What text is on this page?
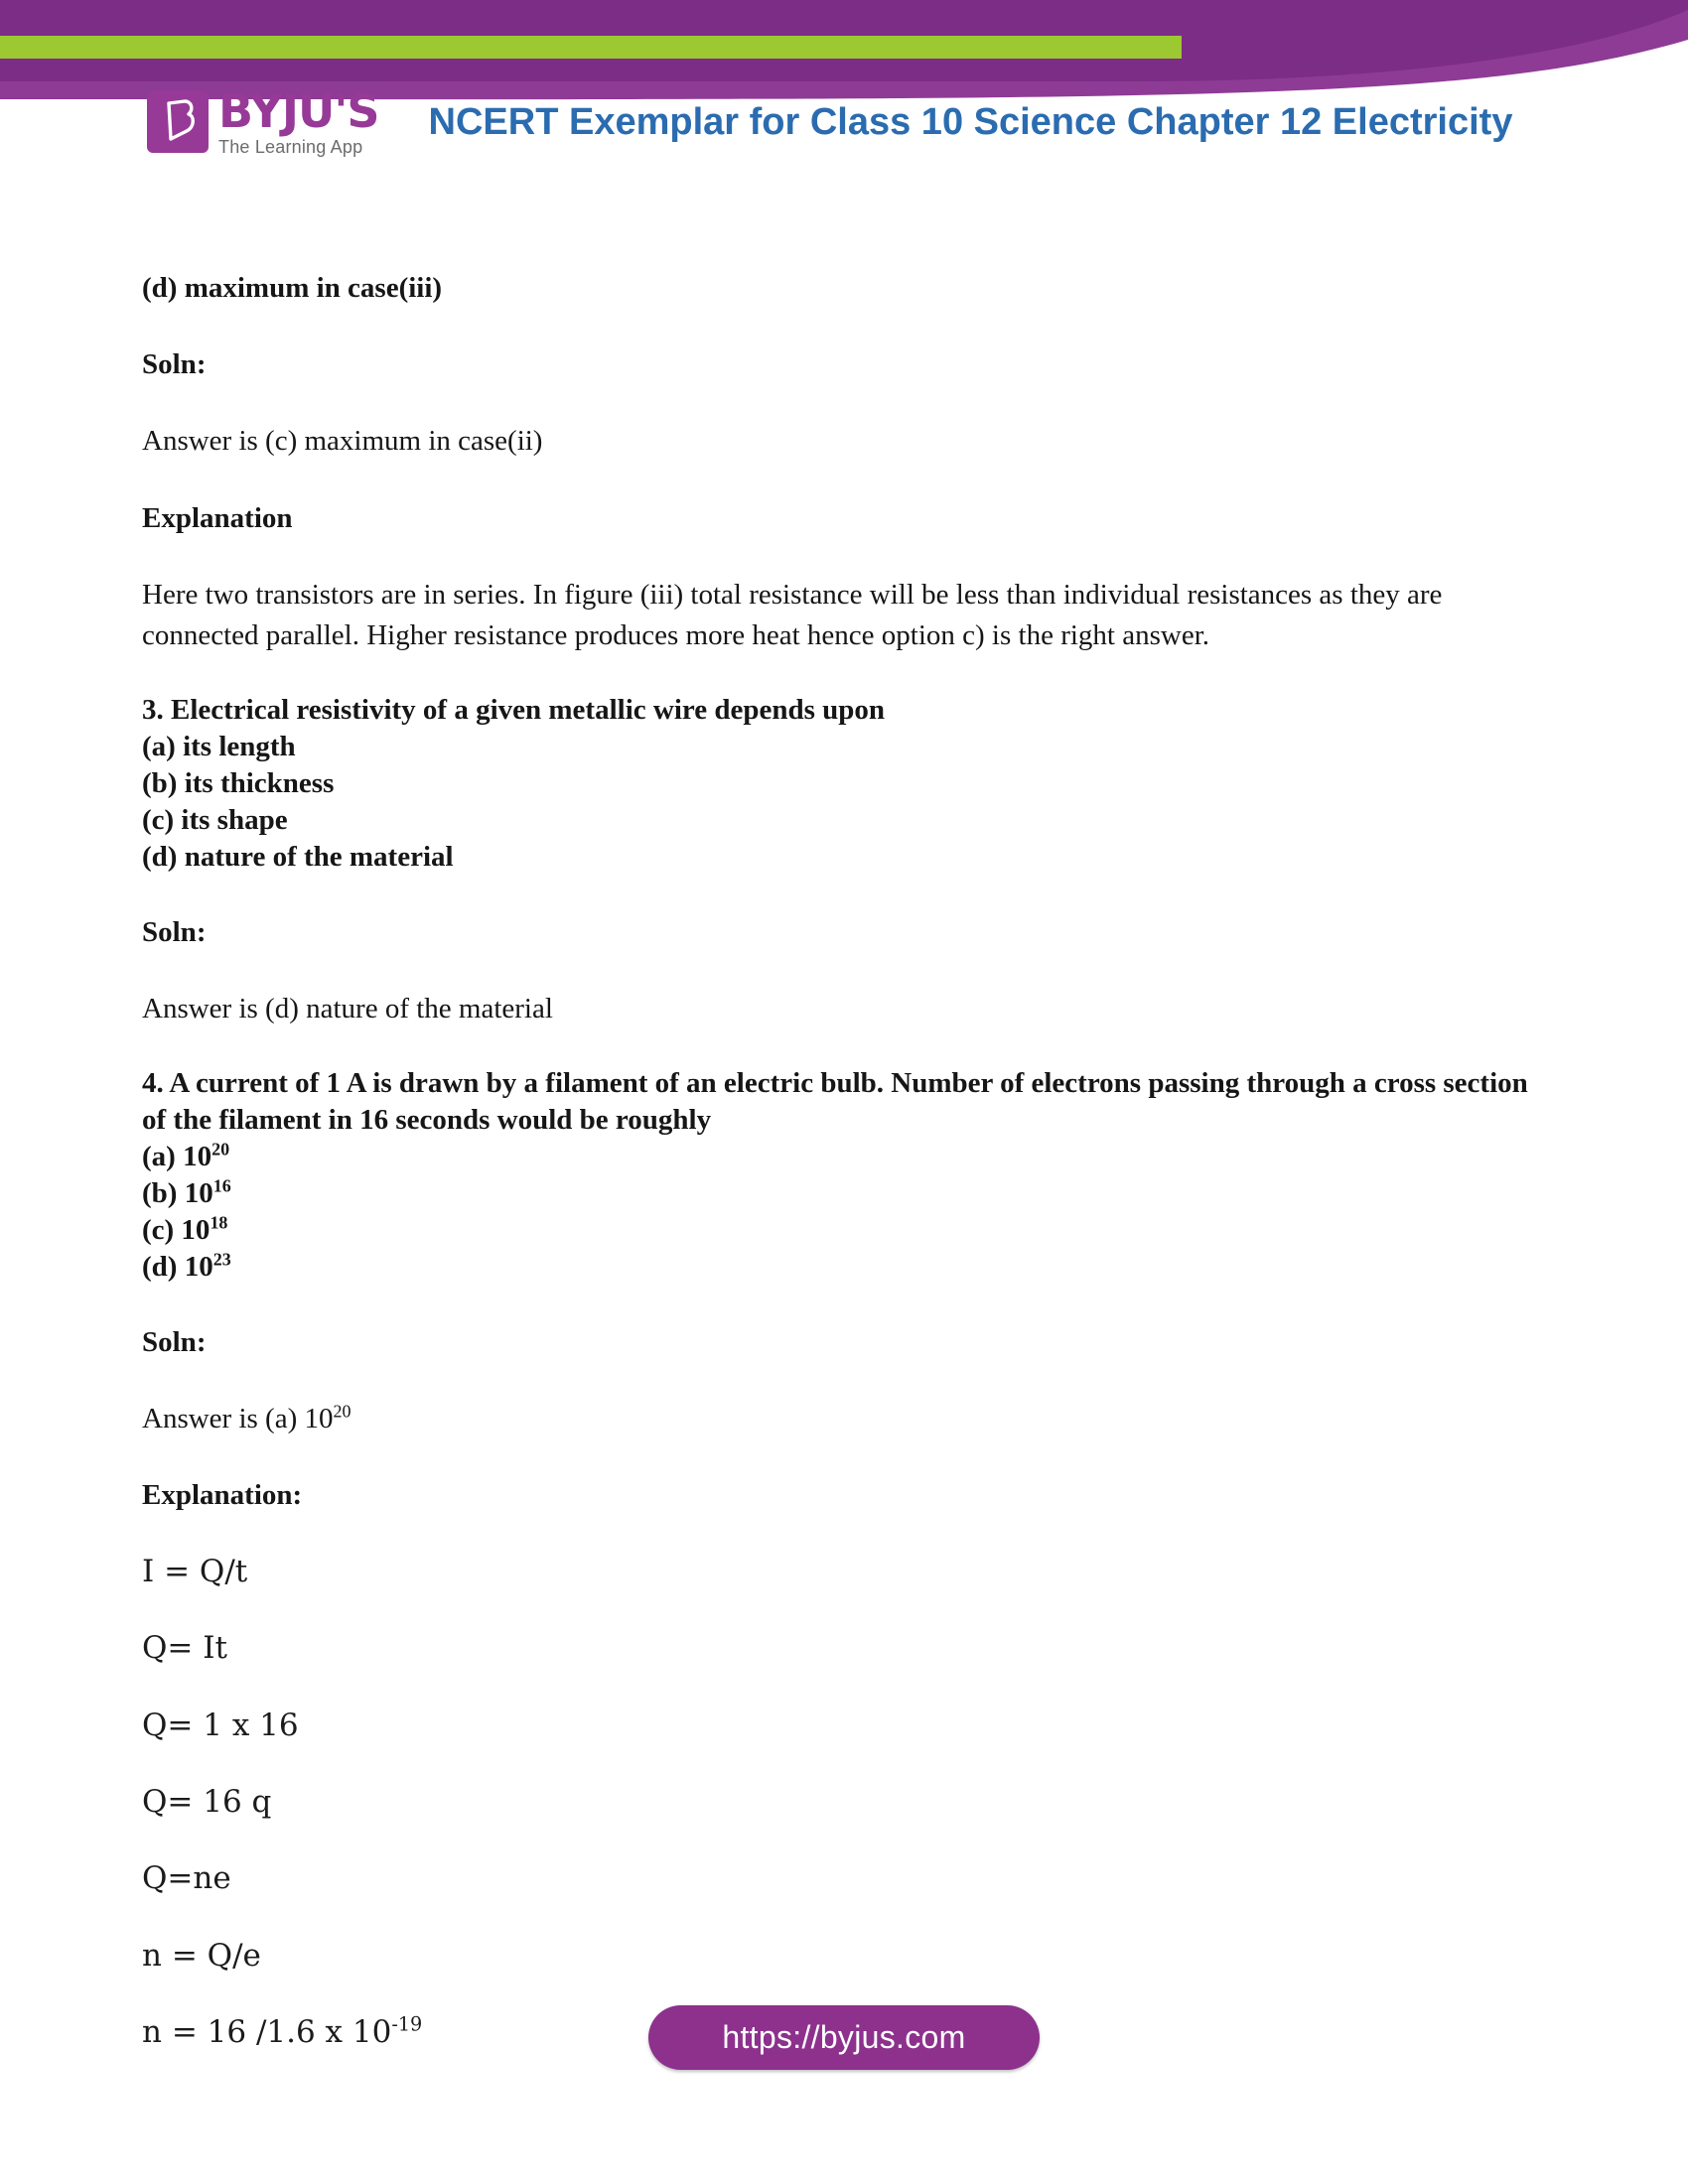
BYJU'S
The Learning App
NCERT Exemplar for Class 10 Science Chapter 12 Electricity

(d) maximum in case(iii)

Soln:

Answer is (c) maximum in case(ii)

Explanation

Here two transistors are in series. In figure (iii) total resistance will be less than individual resistances as they are connected parallel. Higher resistance produces more heat hence option c) is the right answer.

3. Electrical resistivity of a given metallic wire depends upon
(a) its length
(b) its thickness
(c) its shape
(d) nature of the material

Soln:

Answer is (d) nature of the material

4. A current of 1 A is drawn by a filament of an electric bulb. Number of electrons passing through a cross section of the filament in 16 seconds would be roughly
(a) $10^{20}$
(b) $10^{16}$
(c) $10^{18}$
(d) $10^{23}$

Soln:

Answer is (a) $10^{20}$

Explanation:

I = Q/t

Q= It

Q= 1 x 16

Q= 16 q

Q=ne

n = Q/e

n = 16 /1.6 x $10^{-19}$	https://byjus.com
